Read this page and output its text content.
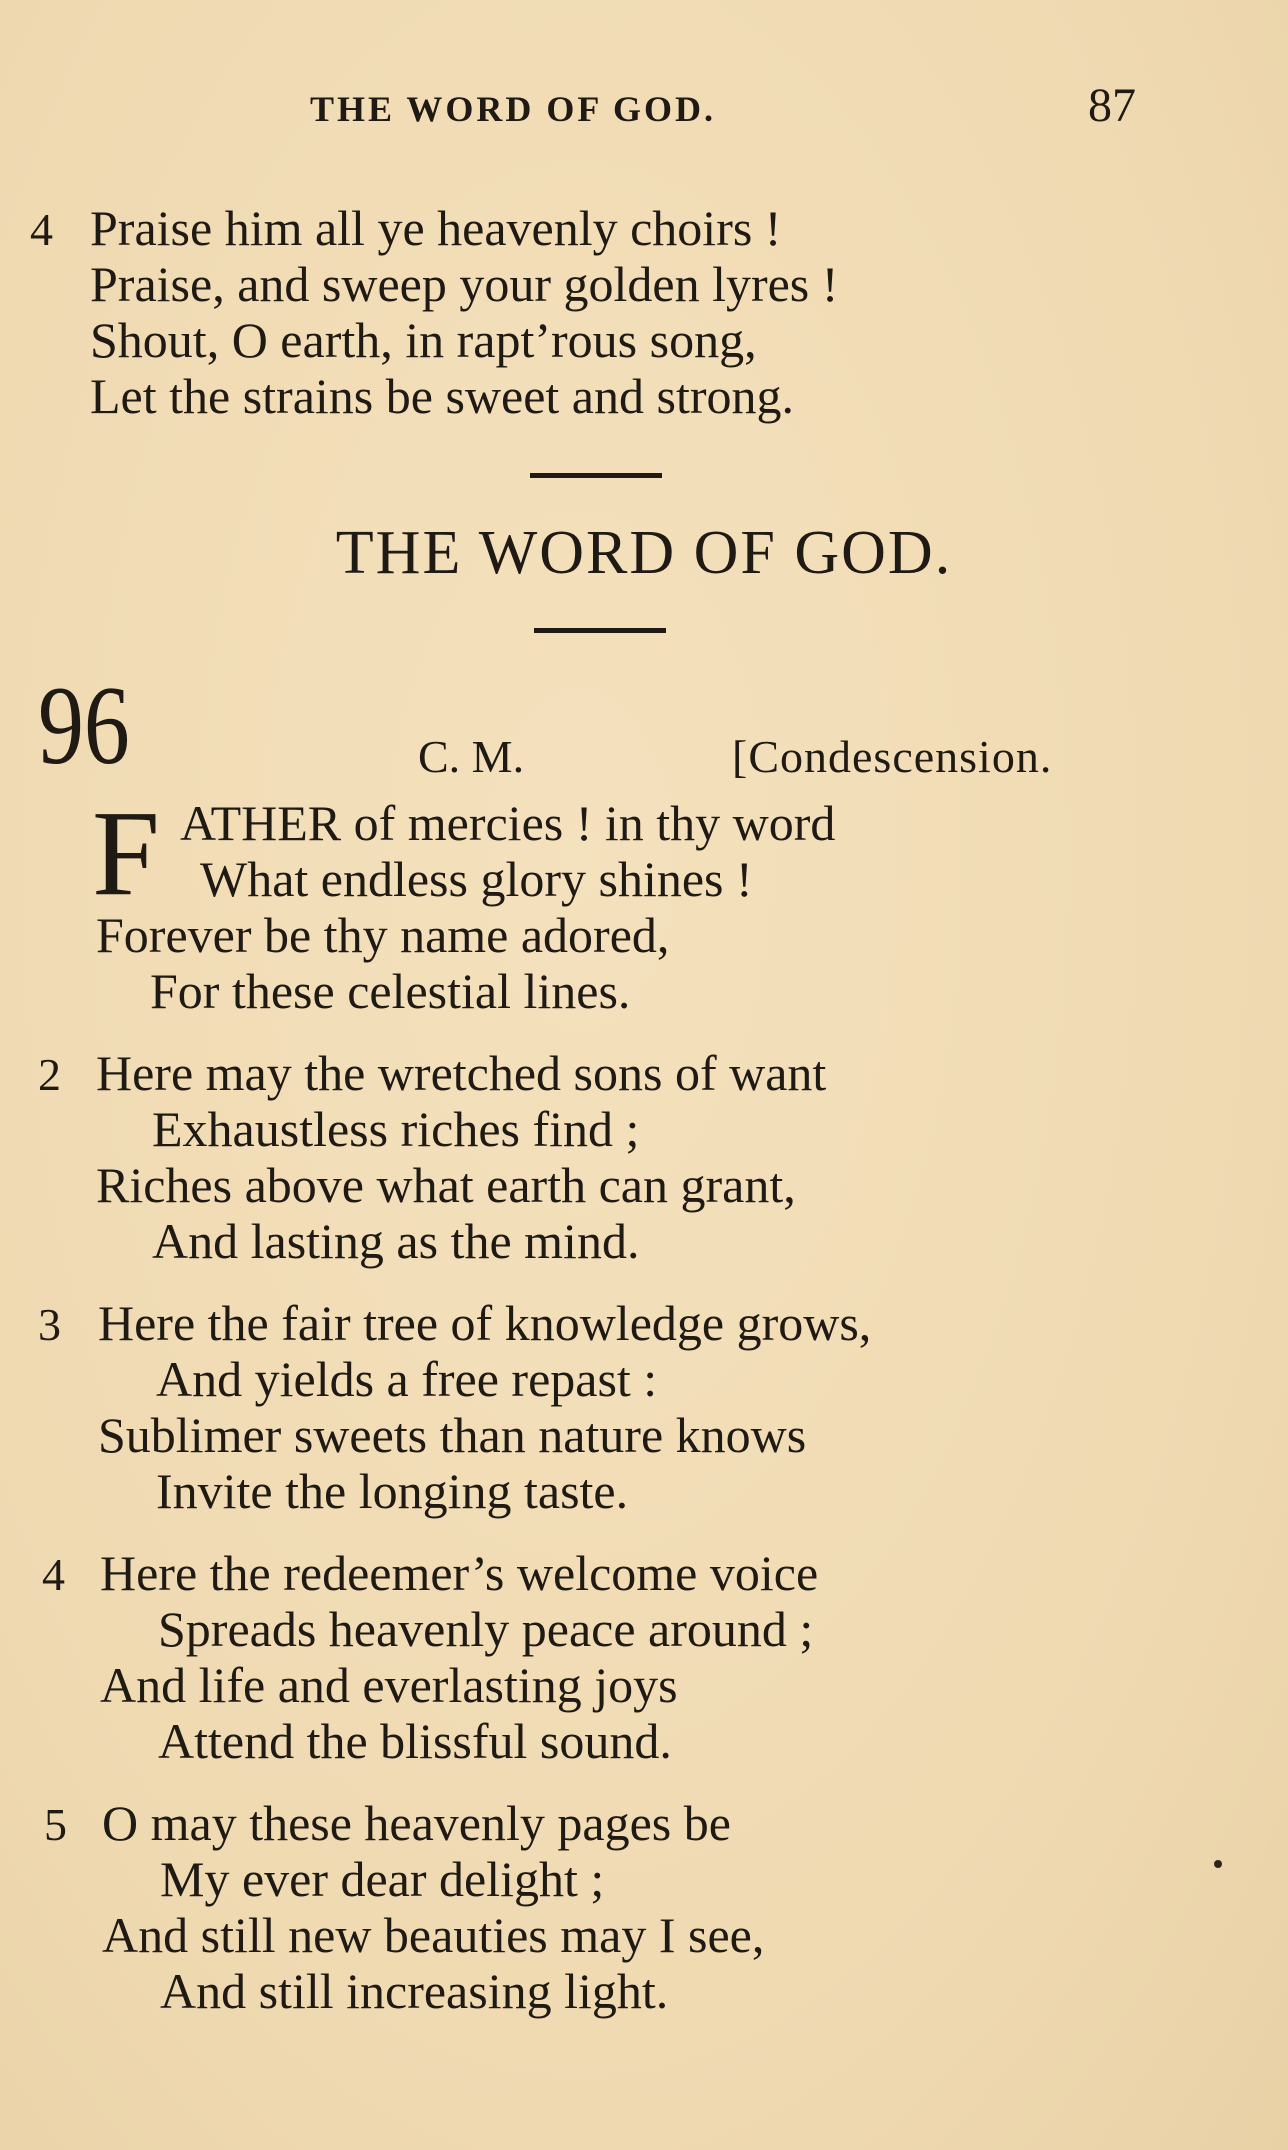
THE WORD OF GOD.	87
4 Praise him all ye heavenly choirs !
Praise, and sweep your golden lyres !
Shout, O earth, in rapt’rous song,
Let the strains be sweet and strong.
THE WORD OF GOD.
96	C. M.	[Condescension.
F ATHER of mercies ! in thy word
What endless glory shines !
Forever be thy name adored,
For these celestial lines.
2 Here may the wretched sons of want
Exhaustless riches find ;
Riches above what earth can grant,
And lasting as the mind.
3 Here the fair tree of knowledge grows,
And yields a free repast :
Sublimer sweets than nature knows
Invite the longing taste.
4 Here the redeemer’s welcome voice
Spreads heavenly peace around ;
And life and everlasting joys
Attend the blissful sound.
5 O may these heavenly pages be
My ever dear delight ;
And still new beauties may I see,
And still increasing light.
